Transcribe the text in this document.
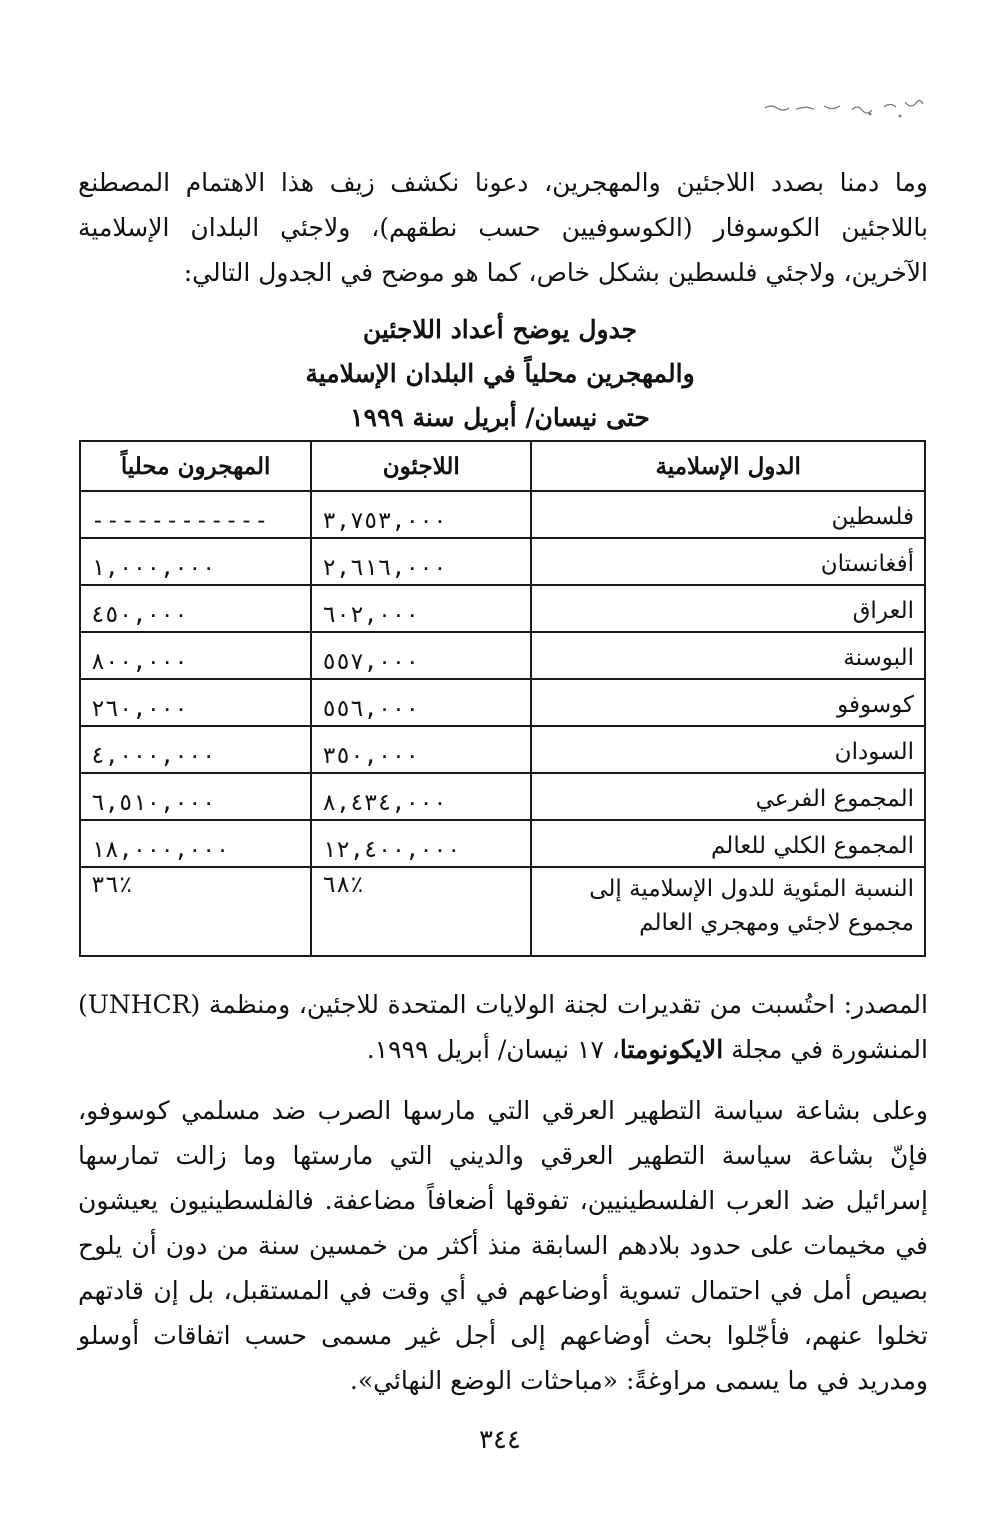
وما دمنا بصدد اللاجئين والمهجرين، دعونا نكشف زيف هذا الاهتمام المصطنع باللاجئين الكوسوفار (الكوسوفيين حسب نطقهم)، ولاجئي البلدان الإسلامية الآخرين، ولاجئي فلسطين بشكل خاص، كما هو موضح في الجدول التالي:

جدول يوضح أعداد اللاجئين
والمهجرين محلياً في البلدان الإسلامية
حتى نيسان/ أبريل سنة ١٩٩٩
الدول الإسلامية	اللاجئون	المهجرون محلياً
فلسطين	٣,٧٥٣,٠٠٠	------------
أفغانستان	٢,٦١٦,٠٠٠	١,٠٠٠,٠٠٠
العراق	٦٠٢,٠٠٠	٤٥٠,٠٠٠
البوسنة	٥٥٧,٠٠٠	٨٠٠,٠٠٠
كوسوفو	٥٥٦,٠٠٠	٢٦٠,٠٠٠
السودان	٣٥٠,٠٠٠	٤,٠٠٠,٠٠٠
المجموع الفرعي	٨,٤٣٤,٠٠٠	٦,٥١٠,٠٠٠
المجموع الكلي للعالم	١٢,٤٠٠,٠٠٠	١٨,٠٠٠,٠٠٠
النسبة المئوية للدول الإسلامية إلى مجموع لاجئي ومهجري العالم	٦٨٪	٣٦٪

المصدر: احتُسبت من تقديرات لجنة الولايات المتحدة للاجئين، ومنظمة (UNHCR) المنشورة في مجلة الايكونومتا، ١٧ نيسان/ أبريل ١٩٩٩.

وعلى بشاعة سياسة التطهير العرقي التي مارسها الصرب ضد مسلمي كوسوفو، فإنّ بشاعة سياسة التطهير العرقي والديني التي مارستها وما زالت تمارسها إسرائيل ضد العرب الفلسطينيين، تفوقها أضعافاً مضاعفة. فالفلسطينيون يعيشون في مخيمات على حدود بلادهم السابقة منذ أكثر من خمسين سنة من دون أن يلوح بصيص أمل في احتمال تسوية أوضاعهم في أي وقت في المستقبل، بل إن قادتهم تخلوا عنهم، فأجّلوا بحث أوضاعهم إلى أجل غير مسمى حسب اتفاقات أوسلو ومدريد في ما يسمى مراوغةً: «مباحثات الوضع النهائي».

٣٤٤
